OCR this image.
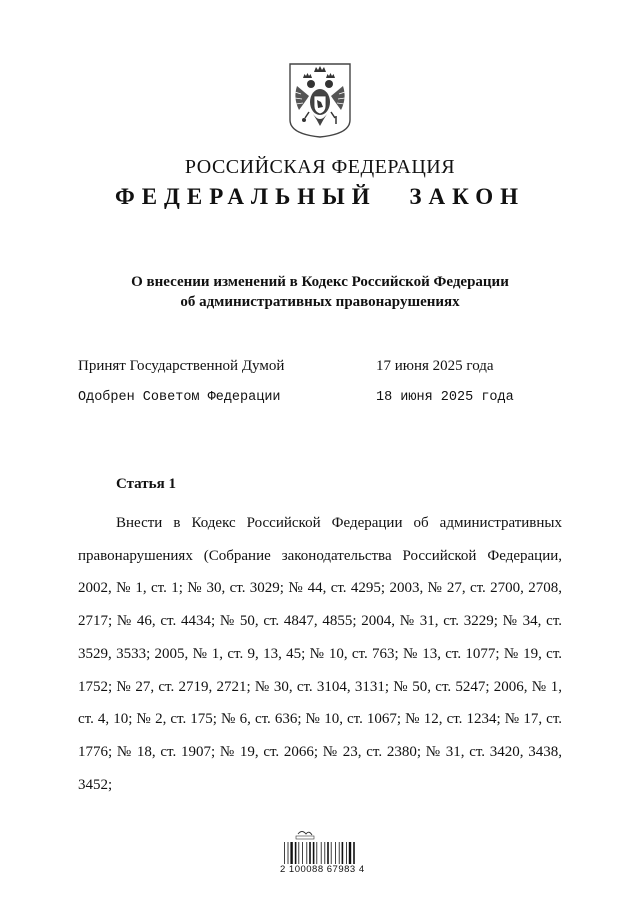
РОССИЙСКАЯ ФЕДЕРАЦИЯ
ФЕДЕРАЛЬНЫЙ ЗАКОН
О внесении изменений в Кодекс Российской Федерации
об административных правонарушениях
Принят Государственной Думой	17 июня 2025 года
Одобрен Советом Федерации	18 июня 2025 года
Статья 1

Внести в Кодекс Российской Федерации об административных правонарушениях (Собрание законодательства Российской Федерации, 2002, № 1, ст. 1; № 30, ст. 3029; № 44, ст. 4295; 2003, № 27, ст. 2700, 2708, 2717; № 46, ст. 4434; № 50, ст. 4847, 4855; 2004, № 31, ст. 3229; № 34, ст. 3529, 3533; 2005, № 1, ст. 9, 13, 45; № 10, ст. 763; № 13, ст. 1077; № 19, ст. 1752; № 27, ст. 2719, 2721; № 30, ст. 3104, 3131; № 50, ст. 5247; 2006, № 1, ст. 4, 10; № 2, ст. 175; № 6, ст. 636; № 10, ст. 1067; № 12, ст. 1234; № 17, ст. 1776; № 18, ст. 1907; № 19, ст. 2066; № 23, ст. 2380; № 31, ст. 3420, 3438, 3452;

2 100088 67983 4
